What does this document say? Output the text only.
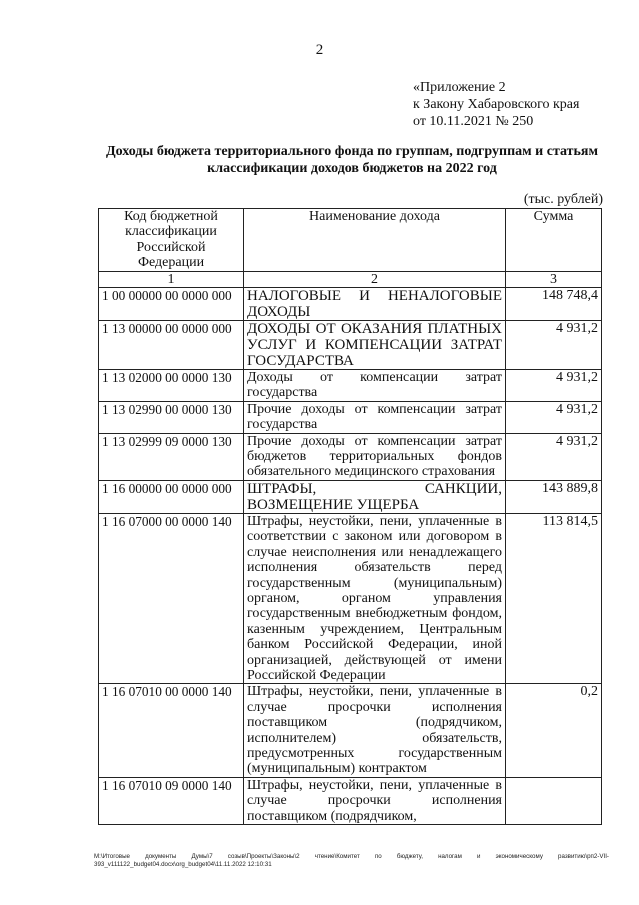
2
«Приложение 2
к Закону Хабаровского края
от 10.11.2021 № 250
Доходы бюджета территориального фонда по группам, подгруппам и статьям
классификации доходов бюджетов на 2022 год
(тыс. рублей)
Код бюджетной классификации Российской Федерации	Наименование дохода	Сумма
1	2	3
1 00 00000 00 0000 000	НАЛОГОВЫЕ И НЕНАЛОГОВЫЕ ДОХОДЫ	148 748,4
1 13 00000 00 0000 000	ДОХОДЫ ОТ ОКАЗАНИЯ ПЛАТНЫХ УСЛУГ И КОМПЕНСАЦИИ ЗАТРАТ ГОСУДАРСТВА	4 931,2
1 13 02000 00 0000 130	Доходы от компенсации затрат государства	4 931,2
1 13 02990 00 0000 130	Прочие доходы от компенсации затрат государства	4 931,2
1 13 02999 09 0000 130	Прочие доходы от компенсации затрат бюджетов территориальных фондов обязательного медицинского страхования	4 931,2
1 16 00000 00 0000 000	ШТРАФЫ, САНКЦИИ, ВОЗМЕЩЕНИЕ УЩЕРБА	143 889,8
1 16 07000 00 0000 140	Штрафы, неустойки, пени, уплаченные в соответствии с законом или договором в случае неисполнения или ненадлежащего исполнения обязательств перед государственным (муниципальным) органом, органом управления государственным внебюджетным фондом, казенным учреждением, Центральным банком Российской Федерации, иной организацией, действующей от имени Российской Федерации	113 814,5
1 16 07010 00 0000 140	Штрафы, неустойки, пени, уплаченные в случае просрочки исполнения поставщиком (подрядчиком, исполнителем) обязательств, предусмотренных государственным (муниципальным) контрактом	0,2
1 16 07010 09 0000 140	Штрафы, неустойки, пени, уплаченные в случае просрочки исполнения поставщиком (подрядчиком,	
M:\Итоговые документы Думы\7 созыв\Проекты\Законы\2 чтение\Комитет по бюджету, налогам и экономическому развитию\рп2-VII-393_v111122_budget04.docx\org_budget04\11.11.2022 12:10:31
